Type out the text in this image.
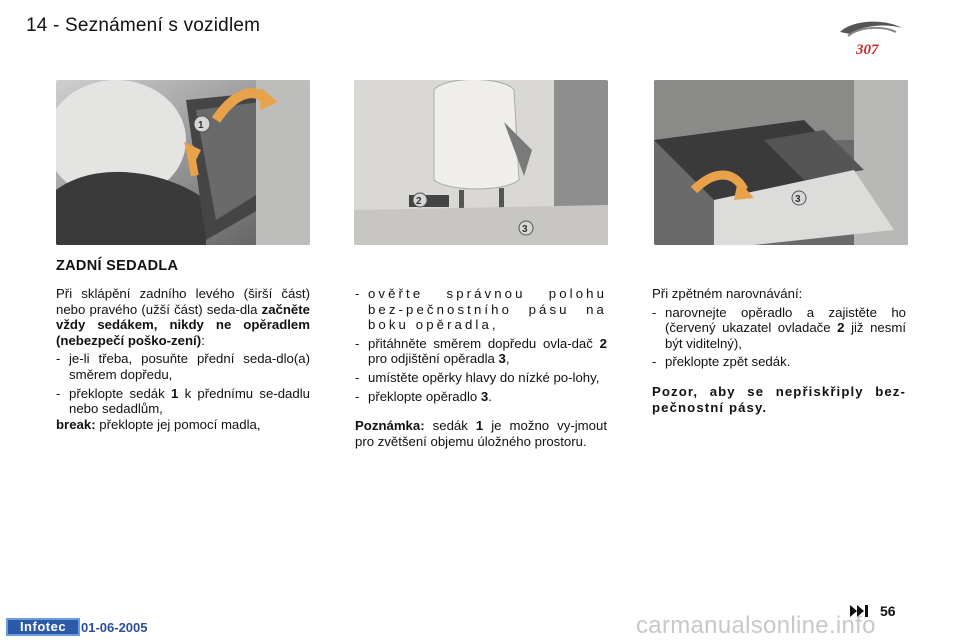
14 - Seznámení s vozidlem
307
1
2
3
3
ZADNÍ SEDADLA

Při sklápění zadního levého (širší část) nebo pravého (užší část) seda-dla začněte vždy sedákem, nikdy ne opěradlem (nebezpečí poško-zení):

- je-li třeba, posuňte přední seda-dlo(a) směrem dopředu,
- překlopte sedák 1 k přednímu se-dadlu nebo sedadlům,

break: překlopte jej pomocí madla,

- ověřte správnou polohu bez-pečnostního pásu na boku opěradla,
- přitáhněte směrem dopředu ovla-dač 2 pro odjištění opěradla 3,
- umístěte opěrky hlavy do nízké po-lohy,
- překlopte opěradlo 3.

Poznámka: sedák 1 je možno vy-jmout pro zvětšení objemu úložného prostoru.

Při zpětném narovnávání:

- narovnejte opěradlo a zajistěte ho (červený ukazatel ovladače 2 již nesmí být viditelný),
- překlopte zpět sedák.

Pozor, aby se nepřiskřiply bez-pečnostní pásy.

56
Infotec	01-06-2005	carmanualsonline.info
